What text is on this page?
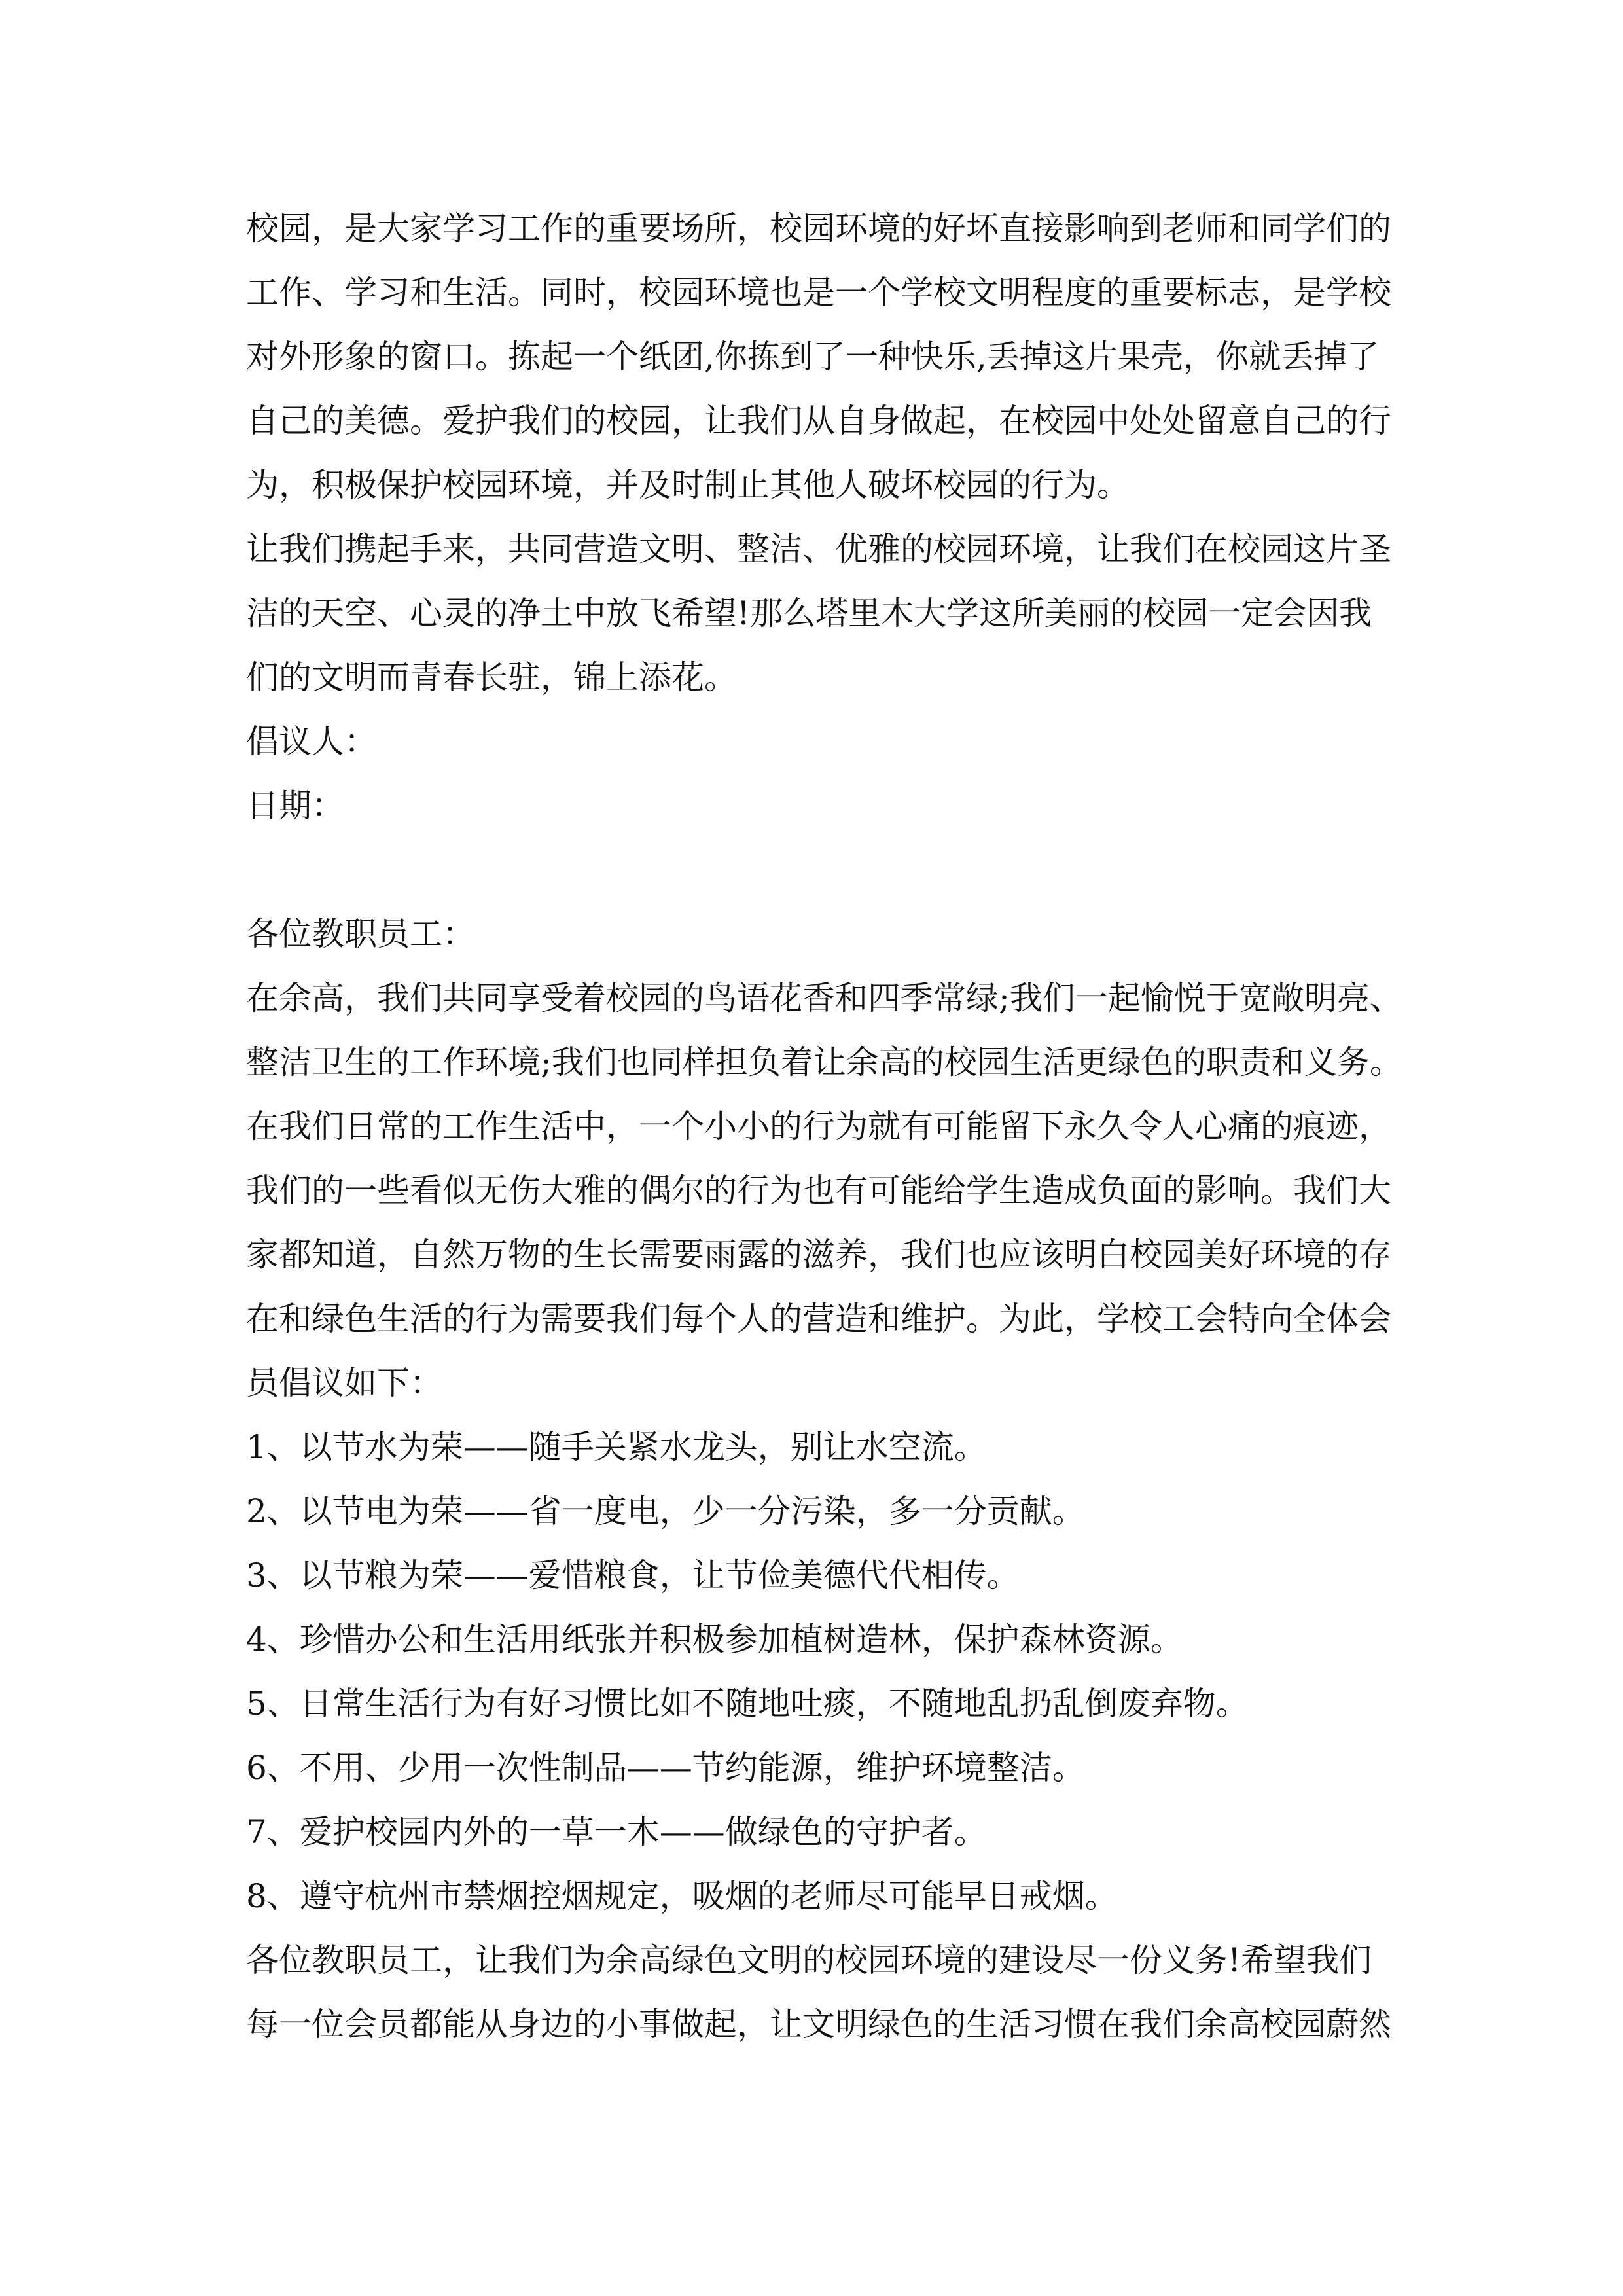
校园，是大家学习工作的重要场所，校园环境的好坏直接影响到老师和同学们的
工作、学习和生活。同时，校园环境也是一个学校文明程度的重要标志，是学校
对外形象的窗口。拣起一个纸团,你拣到了一种快乐,丢掉这片果壳，你就丢掉了
自己的美德。爱护我们的校园，让我们从自身做起，在校园中处处留意自己的行
为，积极保护校园环境，并及时制止其他人破坏校园的行为。
让我们携起手来，共同营造文明、整洁、优雅的校园环境，让我们在校园这片圣
洁的天空、心灵的净土中放飞希望!那么塔里木大学这所美丽的校园一定会因我
们的文明而青春长驻，锦上添花。
倡议人：
日期：
各位教职员工：
在余高，我们共同享受着校园的鸟语花香和四季常绿;我们一起愉悦于宽敞明亮、
整洁卫生的工作环境;我们也同样担负着让余高的校园生活更绿色的职责和义务。
在我们日常的工作生活中，一个小小的行为就有可能留下永久令人心痛的痕迹，
我们的一些看似无伤大雅的偶尔的行为也有可能给学生造成负面的影响。我们大
家都知道，自然万物的生长需要雨露的滋养，我们也应该明白校园美好环境的存
在和绿色生活的行为需要我们每个人的营造和维护。为此，学校工会特向全体会
员倡议如下：
1、以节水为荣——随手关紧水龙头，别让水空流。
2、以节电为荣——省一度电，少一分污染，多一分贡献。
3、以节粮为荣——爱惜粮食，让节俭美德代代相传。
4、珍惜办公和生活用纸张并积极参加植树造林，保护森林资源。
5、日常生活行为有好习惯比如不随地吐痰，不随地乱扔乱倒废弃物。
6、不用、少用一次性制品——节约能源，维护环境整洁。
7、爱护校园内外的一草一木——做绿色的守护者。
8、遵守杭州市禁烟控烟规定，吸烟的老师尽可能早日戒烟。
各位教职员工，让我们为余高绿色文明的校园环境的建设尽一份义务!希望我们
每一位会员都能从身边的小事做起，让文明绿色的生活习惯在我们余高校园蔚然
